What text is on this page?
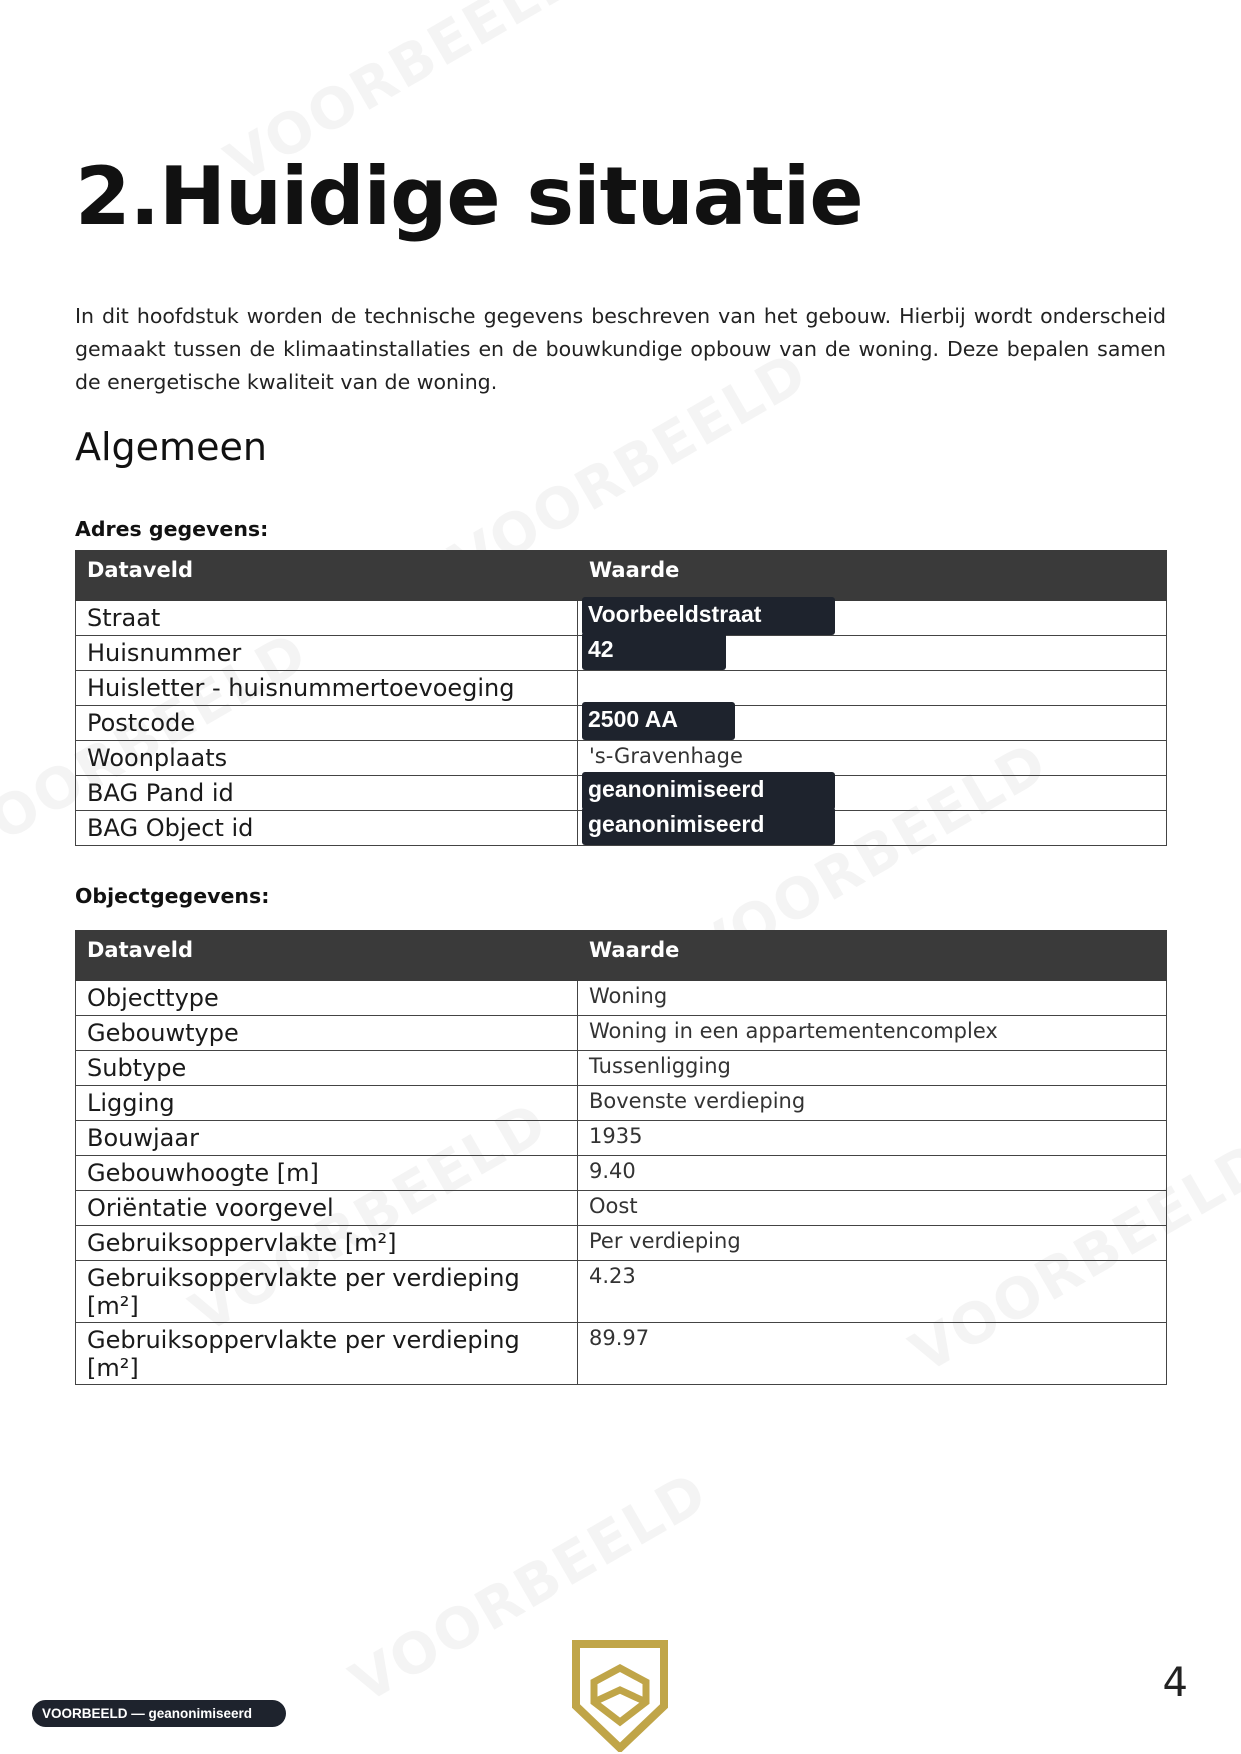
2.Huidige situatie

In dit hoofdstuk worden de technische gegevens beschreven van het gebouw. Hierbij wordt onderscheid gemaakt tussen de klimaatinstallaties en de bouwkundige opbouw van de woning. Deze bepalen samen de energetische kwaliteit van de woning.

Algemeen

Adres gegevens:

Dataveld	Waarde
Straat	Voorbeeldstraat
Huisnummer	42
Huisletter - huisnummertoevoeging	
Postcode	2500 AA
Woonplaats	's-Gravenhage
BAG Pand id	geanonimiseerd
BAG Object id	geanonimiseerd

Objectgegevens:

Dataveld	Waarde
Objecttype	Woning
Gebouwtype	Woning in een appartementencomplex
Subtype	Tussenligging
Ligging	Bovenste verdieping
Bouwjaar	1935
Gebouwhoogte [m]	9.40
Oriëntatie voorgevel	Oost
Gebruiksoppervlakte [m²]	Per verdieping
Gebruiksoppervlakte per verdieping [m²]	4.23
Gebruiksoppervlakte per verdieping [m²]	89.97
VOORBEELD — geanonimiseerd

4
